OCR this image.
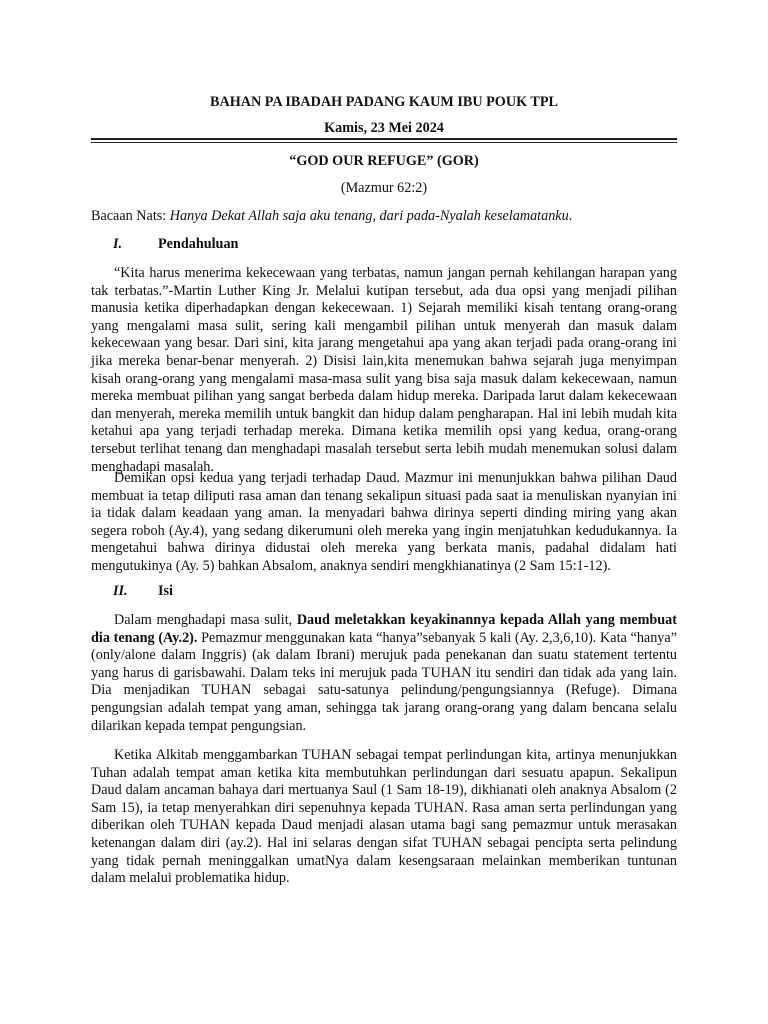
BAHAN PA IBADAH PADANG KAUM IBU POUK TPL

Kamis, 23 Mei 2024

“GOD OUR REFUGE” (GOR)

(Mazmur 62:2)

Bacaan Nats: Hanya Dekat Allah saja aku tenang, dari pada-Nyalah keselamatanku.

I.	Pendahuluan

“Kita harus menerima kekecewaan yang terbatas, namun jangan pernah kehilangan harapan yang tak terbatas.”-Martin Luther King Jr. Melalui kutipan tersebut, ada dua opsi yang menjadi pilihan manusia ketika diperhadapkan dengan kekecewaan. 1) Sejarah memiliki kisah tentang orang-orang yang mengalami masa sulit, sering kali mengambil pilihan untuk menyerah dan masuk dalam kekecewaan yang besar. Dari sini, kita jarang mengetahui apa yang akan terjadi pada orang-orang ini jika mereka benar-benar menyerah. 2) Disisi lain,kita menemukan bahwa sejarah juga menyimpan kisah orang-orang yang mengalami masa-masa sulit yang bisa saja masuk dalam kekecewaan, namun mereka membuat pilihan yang sangat berbeda dalam hidup mereka. Daripada larut dalam kekecewaan dan menyerah, mereka memilih untuk bangkit dan hidup dalam pengharapan. Hal ini lebih mudah kita ketahui apa yang terjadi terhadap mereka. Dimana ketika memilih opsi yang kedua, orang-orang tersebut terlihat tenang dan menghadapi masalah tersebut serta lebih mudah menemukan solusi dalam menghadapi masalah.

Demikan opsi kedua yang terjadi terhadap Daud. Mazmur ini menunjukkan bahwa pilihan Daud membuat ia tetap diliputi rasa aman dan tenang sekalipun situasi pada saat ia menuliskan nyanyian ini ia tidak dalam keadaan yang aman. Ia menyadari bahwa dirinya seperti dinding miring yang akan segera roboh (Ay.4), yang sedang dikerumuni oleh mereka yang ingin menjatuhkan kedudukannya. Ia mengetahui bahwa dirinya didustai oleh mereka yang berkata manis, padahal didalam hati mengutukinya (Ay. 5) bahkan Absalom, anaknya sendiri mengkhianatinya (2 Sam 15:1-12).

II. Isi

Dalam menghadapi masa sulit, Daud meletakkan keyakinannya kepada Allah yang membuat dia tenang (Ay.2). Pemazmur menggunakan kata “hanya”sebanyak 5 kali (Ay. 2,3,6,10). Kata “hanya” (only/alone dalam Inggris) (ak dalam Ibrani) merujuk pada penekanan dan suatu statement tertentu yang harus di garisbawahi. Dalam teks ini merujuk pada TUHAN itu sendiri dan tidak ada yang lain. Dia menjadikan TUHAN sebagai satu-satunya pelindung/pengungsiannya (Refuge). Dimana pengungsian adalah tempat yang aman, sehingga tak jarang orang-orang yang dalam bencana selalu dilarikan kepada tempat pengungsian.

Ketika Alkitab menggambarkan TUHAN sebagai tempat perlindungan kita, artinya menunjukkan Tuhan adalah tempat aman ketika kita membutuhkan perlindungan dari sesuatu apapun. Sekalipun Daud dalam ancaman bahaya dari mertuanya Saul (1 Sam 18-19), dikhianati oleh anaknya Absalom (2 Sam 15), ia tetap menyerahkan diri sepenuhnya kepada TUHAN. Rasa aman serta perlindungan yang diberikan oleh TUHAN kepada Daud menjadi alasan utama bagi sang pemazmur untuk merasakan ketenangan dalam diri (ay.2). Hal ini selaras dengan sifat TUHAN sebagai pencipta serta pelindung yang tidak pernah meninggalkan umatNya dalam kesengsaraan melainkan memberikan tuntunan dalam melalui problematika hidup.
